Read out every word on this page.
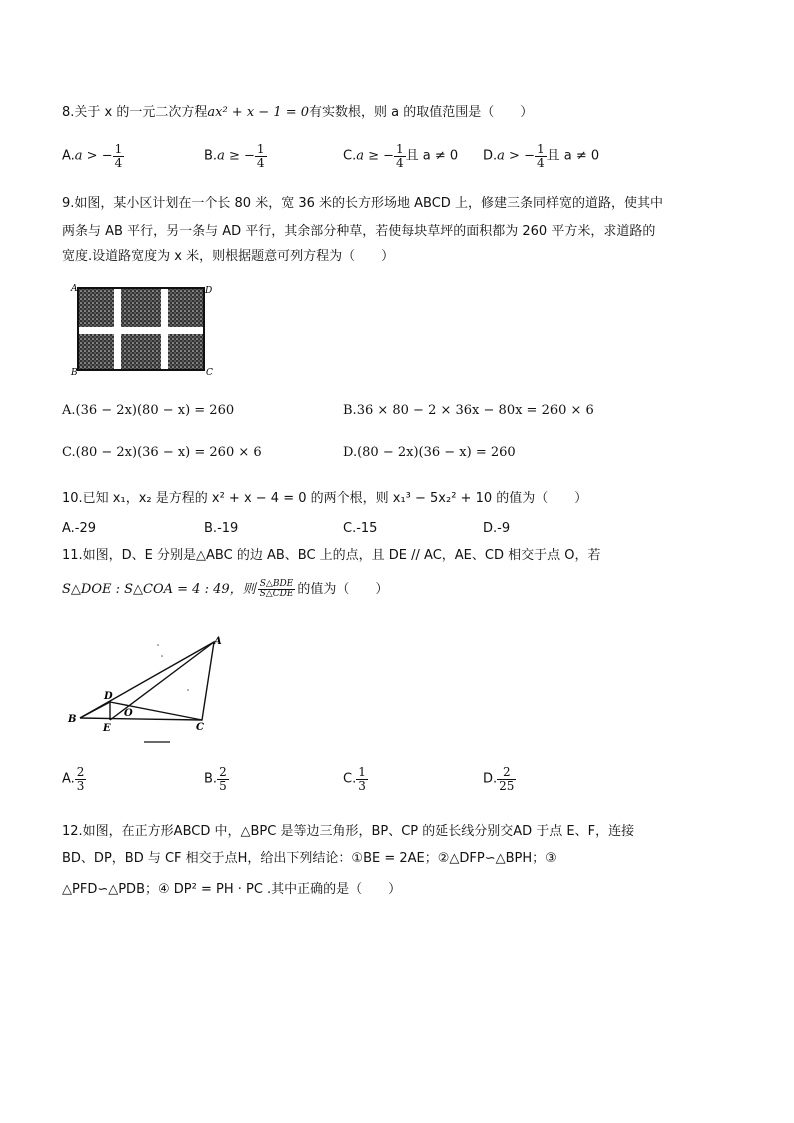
8.关于 x 的一元二次方程ax² + x − 1 = 0有实数根，则 a 的取值范围是（　　）
A.a > − $\frac{1}{4}$	B.a ≥ − $\frac{1}{4}$	C.a ≥ − $\frac{1}{4}$ 且 a ≠ 0 D.a > − $\frac{1}{4}$ 且 a ≠ 0
9.如图，某小区计划在一个长 80 米，宽 36 米的长方形场地 ABCD 上，修建三条同样宽的道路，使其中
两条与 AB 平行，另一条与 AD 平行，其余部分种草，若使每块草坪的面积都为 260 平方米，求道路的
宽度.设道路宽度为 x 米，则根据题意可列方程为（　　）
A	D
B	C
A.(36 − 2x)(80 − x) = 260	B.36 × 80 − 2 × 36x − 80x = 260 × 6
C.(80 − 2x)(36 − x) = 260 × 6	D.(80 − 2x)(36 − x) = 260
10.已知 x₁，x₂ 是方程的 x² + x − 4 = 0 的两个根，则 x₁³ − 5x₂² + 10 的值为（　　）
A.-29	B.-19	C.-15	D.-9
11.如图，D、E 分别是△ABC 的边 AB、BC 上的点，且 DE // AC，AE、CD 相交于点 O，若
S△DOE : S△COA = 4 : 49，则 $\frac{\text{S△BDE}}{\text{S△CDE}}$ 的值为（　　）
A
B
C
D
E
O
A. $\frac{2}{3}$	B. $\frac{2}{5}$	C. $\frac{1}{3}$	D. $\frac{2}{25}$
12.如图，在正方形ABCD 中，△BPC 是等边三角形，BP、CP 的延长线分别交AD 于点 E、F，连接
BD、DP，BD 与 CF 相交于点H，给出下列结论：①BE = 2AE；②△DFP∽△BPH；③
△PFD∽△PDB；④ DP² = PH · PC .其中正确的是（　　）
